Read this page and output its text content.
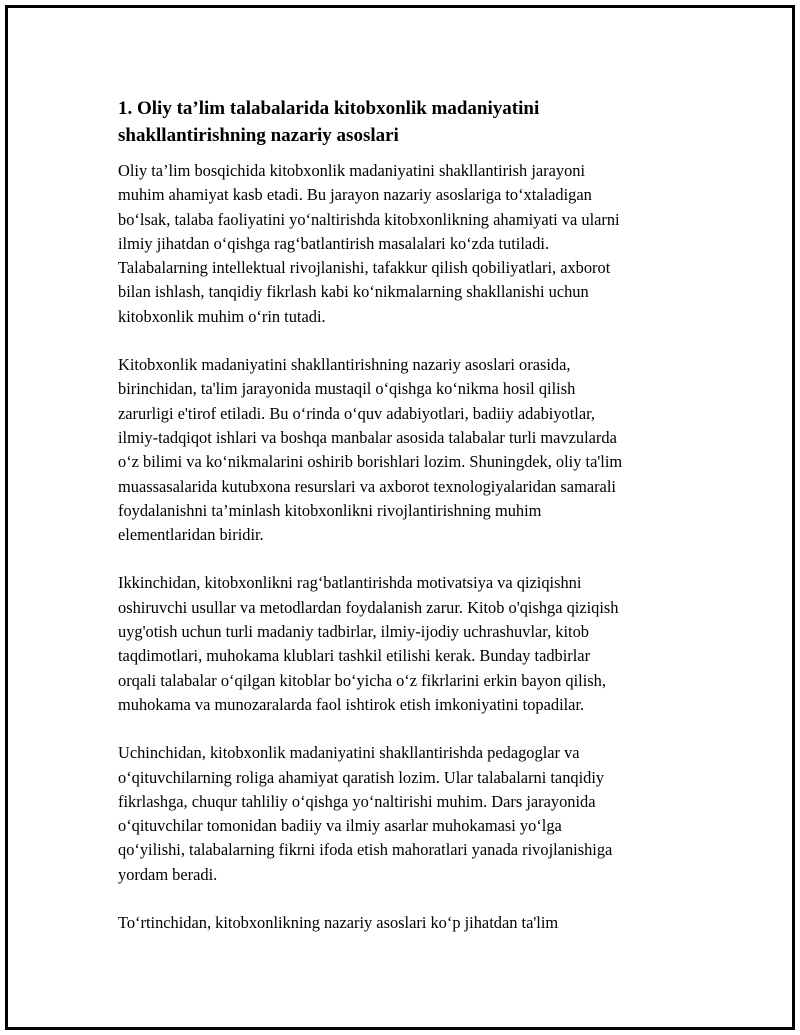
1. Oliy ta’lim talabalarida kitobxonlik madaniyatini
shakllantirishning nazariy asoslari

Oliy ta’lim bosqichida kitobxonlik madaniyatini shakllantirish jarayoni
muhim ahamiyat kasb etadi. Bu jarayon nazariy asoslariga to‘xtaladigan
bo‘lsak, talaba faoliyatini yo‘naltirishda kitobxonlikning ahamiyati va ularni
ilmiy jihatdan o‘qishga rag‘batlantirish masalalari ko‘zda tutiladi.
Talabalarning intellektual rivojlanishi, tafakkur qilish qobiliyatlari, axborot
bilan ishlash, tanqidiy fikrlash kabi ko‘nikmalarning shakllanishi uchun
kitobxonlik muhim o‘rin tutadi.

Kitobxonlik madaniyatini shakllantirishning nazariy asoslari orasida,
birinchidan, ta'lim jarayonida mustaqil o‘qishga ko‘nikma hosil qilish
zarurligi e'tirof etiladi. Bu o‘rinda o‘quv adabiyotlari, badiiy adabiyotlar,
ilmiy-tadqiqot ishlari va boshqa manbalar asosida talabalar turli mavzularda
o‘z bilimi va ko‘nikmalarini oshirib borishlari lozim. Shuningdek, oliy ta'lim
muassasalarida kutubxona resurslari va axborot texnologiyalaridan samarali
foydalanishni ta’minlash kitobxonlikni rivojlantirishning muhim
elementlaridan biridir.

Ikkinchidan, kitobxonlikni rag‘batlantirishda motivatsiya va qiziqishni
oshiruvchi usullar va metodlardan foydalanish zarur. Kitob o'qishga qiziqish
uyg'otish uchun turli madaniy tadbirlar, ilmiy-ijodiy uchrashuvlar, kitob
taqdimotlari, muhokama klublari tashkil etilishi kerak. Bunday tadbirlar
orqali talabalar o‘qilgan kitoblar bo‘yicha o‘z fikrlarini erkin bayon qilish,
muhokama va munozaralarda faol ishtirok etish imkoniyatini topadilar.

Uchinchidan, kitobxonlik madaniyatini shakllantirishda pedagoglar va
o‘qituvchilarning roliga ahamiyat qaratish lozim. Ular talabalarni tanqidiy
fikrlashga, chuqur tahliliy o‘qishga yo‘naltirishi muhim. Dars jarayonida
o‘qituvchilar tomonidan badiiy va ilmiy asarlar muhokamasi yo‘lga
qo‘yilishi, talabalarning fikrni ifoda etish mahoratlari yanada rivojlanishiga
yordam beradi.

To‘rtinchidan, kitobxonlikning nazariy asoslari ko‘p jihatdan ta'lim
